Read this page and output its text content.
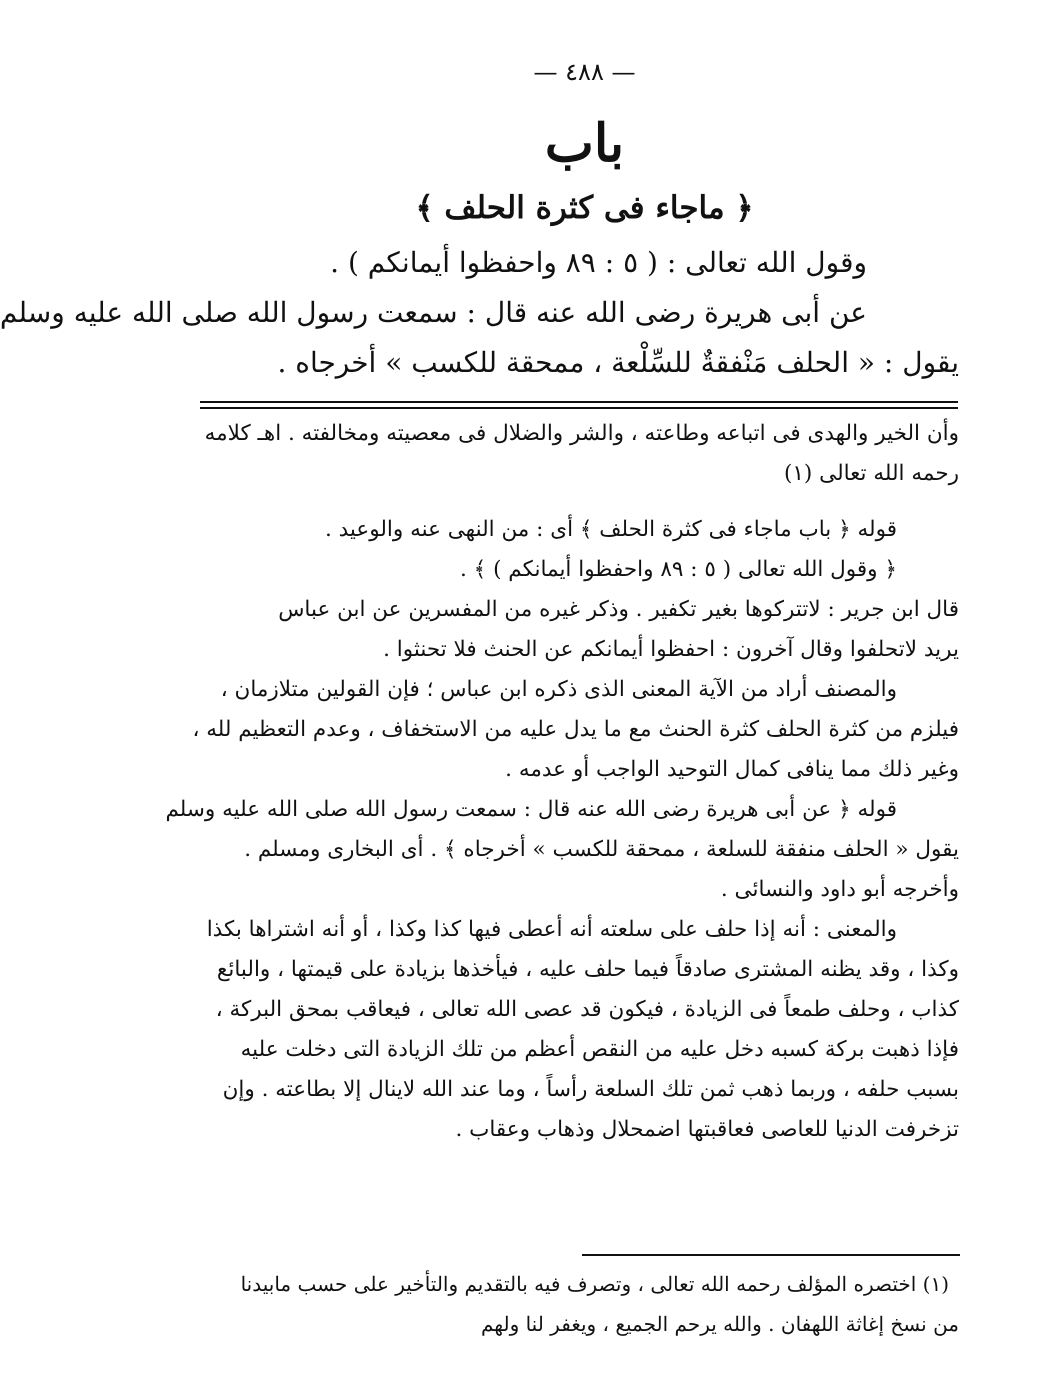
— ٤٨٨ —
باب
﴿ ماجاء فى كثرة الحلف ﴾
وقول الله تعالى : ( ٥ : ٨٩ واحفظوا أيمانكم ) .
عن أبى هريرة رضى الله عنه قال : سمعت رسول الله صلى الله عليه وسلم
يقول : « الحلف مَنْفقةٌ للسِّلْعة ، ممحقة للكسب » أخرجاه .
وأن الخير والهدى فى اتباعه وطاعته ، والشر والضلال فى معصيته ومخالفته . اهـ كلامه
رحمه الله تعالى (١)
قوله ﴿ باب ماجاء فى كثرة الحلف ﴾ أى : من النهى عنه والوعيد .
﴿ وقول الله تعالى ( ٥ : ٨٩ واحفظوا أيمانكم ) ﴾ .
قال ابن جرير : لاتتركوها بغير تكفير . وذكر غيره من المفسرين عن ابن عباس
يريد لاتحلفوا وقال آخرون : احفظوا أيمانكم عن الحنث فلا تحنثوا .
والمصنف أراد من الآية المعنى الذى ذكره ابن عباس ؛ فإن القولين متلازمان ،
فيلزم من كثرة الحلف كثرة الحنث مع ما يدل عليه من الاستخفاف ، وعدم التعظيم لله ،
وغير ذلك مما ينافى كمال التوحيد الواجب أو عدمه .
قوله ﴿ عن أبى هريرة رضى الله عنه قال : سمعت رسول الله صلى الله عليه وسلم
يقول « الحلف منفقة للسلعة ، ممحقة للكسب » أخرجاه ﴾ . أى البخارى ومسلم .
وأخرجه أبو داود والنسائى .
والمعنى : أنه إذا حلف على سلعته أنه أعطى فيها كذا وكذا ، أو أنه اشتراها بكذا
وكذا ، وقد يظنه المشترى صادقاً فيما حلف عليه ، فيأخذها بزيادة على قيمتها ، والبائع
كذاب ، وحلف طمعاً فى الزيادة ، فيكون قد عصى الله تعالى ، فيعاقب بمحق البركة ،
فإذا ذهبت بركة كسبه دخل عليه من النقص أعظم من تلك الزيادة التى دخلت عليه
بسبب حلفه ، وربما ذهب ثمن تلك السلعة رأساً ، وما عند الله لاينال إلا بطاعته . وإن
تزخرفت الدنيا للعاصى فعاقبتها اضمحلال وذهاب وعقاب .
(١) اختصره المؤلف رحمه الله تعالى ، وتصرف فيه بالتقديم والتأخير على حسب مابيدنا
من نسخ إغاثة اللهفان . والله يرحم الجميع ، ويغفر لنا ولهم
